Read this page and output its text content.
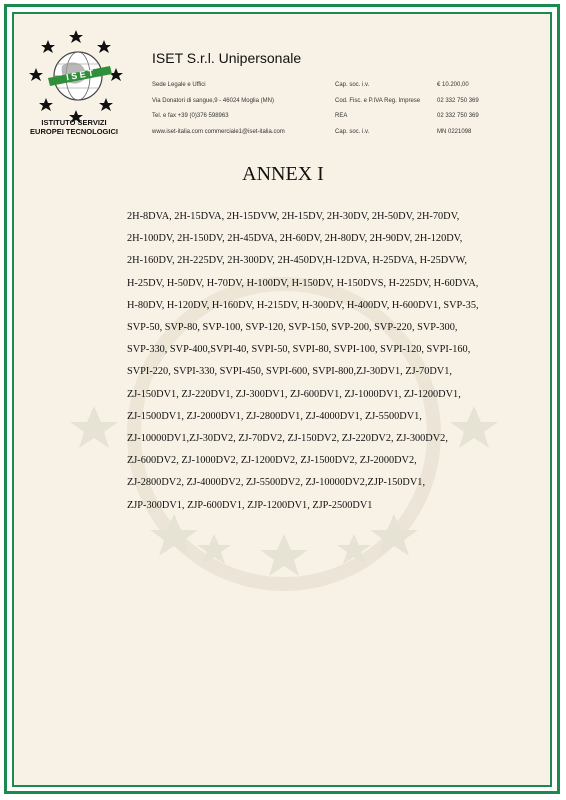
I S E T
ISTITUTO SERVIZI
EUROPEI TECNOLOGICI
ISET S.r.l. Unipersonale
Sede Legale e Uffici	Cap. soc. i.v.	€ 10.200,00
Via Donatori di sangue,9 - 46024 Moglia (MN)	Cod. Fisc. e P.IVA Reg. Imprese	02 332 750 369
Tel. e fax +39 (0)376 598963	REA	02 332 750 369
www.iset-italia.com commerciale1@iset-italia.com	Cap. soc. i.v.	MN 0221098
ANNEX I
2H-8DVA, 2H-15DVA, 2H-15DVW, 2H-15DV, 2H-30DV, 2H-50DV, 2H-70DV,
2H-100DV, 2H-150DV, 2H-45DVA, 2H-60DV, 2H-80DV, 2H-90DV, 2H-120DV,
2H-160DV, 2H-225DV, 2H-300DV, 2H-450DV,H-12DVA, H-25DVA, H-25DVW,
H-25DV, H-50DV, H-70DV, H-100DV, H-150DV, H-150DVS, H-225DV, H-60DVA,
H-80DV, H-120DV, H-160DV, H-215DV, H-300DV, H-400DV, H-600DV1, SVP-35,
SVP-50, SVP-80, SVP-100, SVP-120, SVP-150, SVP-200, SVP-220, SVP-300,
SVP-330, SVP-400,SVPI-40, SVPI-50, SVPI-80, SVPI-100, SVPI-120, SVPI-160,
SVPI-220, SVPI-330, SVPI-450, SVPI-600, SVPI-800,ZJ-30DV1, ZJ-70DV1,
ZJ-150DV1, ZJ-220DV1, ZJ-300DV1, ZJ-600DV1, ZJ-1000DV1, ZJ-1200DV1,
ZJ-1500DV1, ZJ-2000DV1, ZJ-2800DV1, ZJ-4000DV1, ZJ-5500DV1,
ZJ-10000DV1,ZJ-30DV2, ZJ-70DV2, ZJ-150DV2, ZJ-220DV2, ZJ-300DV2,
ZJ-600DV2, ZJ-1000DV2, ZJ-1200DV2, ZJ-1500DV2, ZJ-2000DV2,
ZJ-2800DV2, ZJ-4000DV2, ZJ-5500DV2, ZJ-10000DV2,ZJP-150DV1,
ZJP-300DV1, ZJP-600DV1, ZJP-1200DV1, ZJP-2500DV1
